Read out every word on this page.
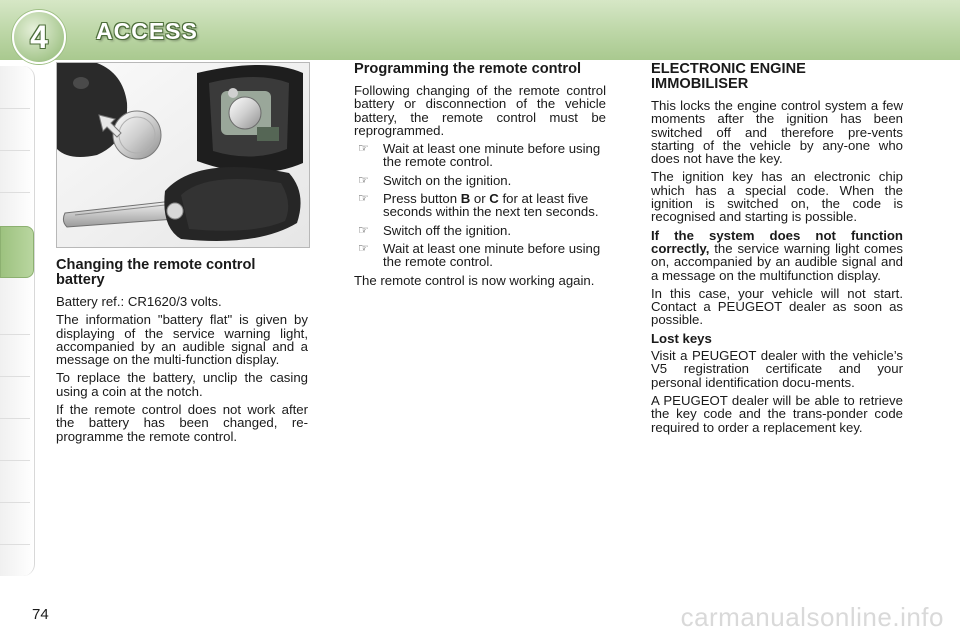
4	ACCESS
Changing the remote control battery

Battery ref.: CR1620/3 volts.

The information "battery flat" is given by displaying of the service warning light, accompanied by an audible signal and a message on the multi-function display.

To replace the battery, unclip the casing using a coin at the notch.

If the remote control does not work after the battery has been changed, re-programme the remote control.

Programming the remote control

Following changing of the remote control battery or disconnection of the vehicle battery, the remote control must be reprogrammed.

☞ Wait at least one minute before using the remote control.
☞ Switch on the ignition.
☞ Press button B or C for at least five seconds within the next ten seconds.
☞ Switch off the ignition.
☞ Wait at least one minute before using the remote control.

The remote control is now working again.

ELECTRONIC ENGINE IMMOBILISER

This locks the engine control system a few moments after the ignition has been switched off and therefore pre-vents starting of the vehicle by any-one who does not have the key.

The ignition key has an electronic chip which has a special code. When the ignition is switched on, the code is recognised and starting is possible.

If the system does not function correctly, the service warning light comes on, accompanied by an audible signal and a message on the multifunction display.

In this case, your vehicle will not start. Contact a PEUGEOT dealer as soon as possible.

Lost keys

Visit a PEUGEOT dealer with the vehicle’s V5 registration certificate and your personal identification docu-ments.

A PEUGEOT dealer will be able to retrieve the key code and the trans-ponder code required to order a replacement key.

74	carmanualsonline.info
